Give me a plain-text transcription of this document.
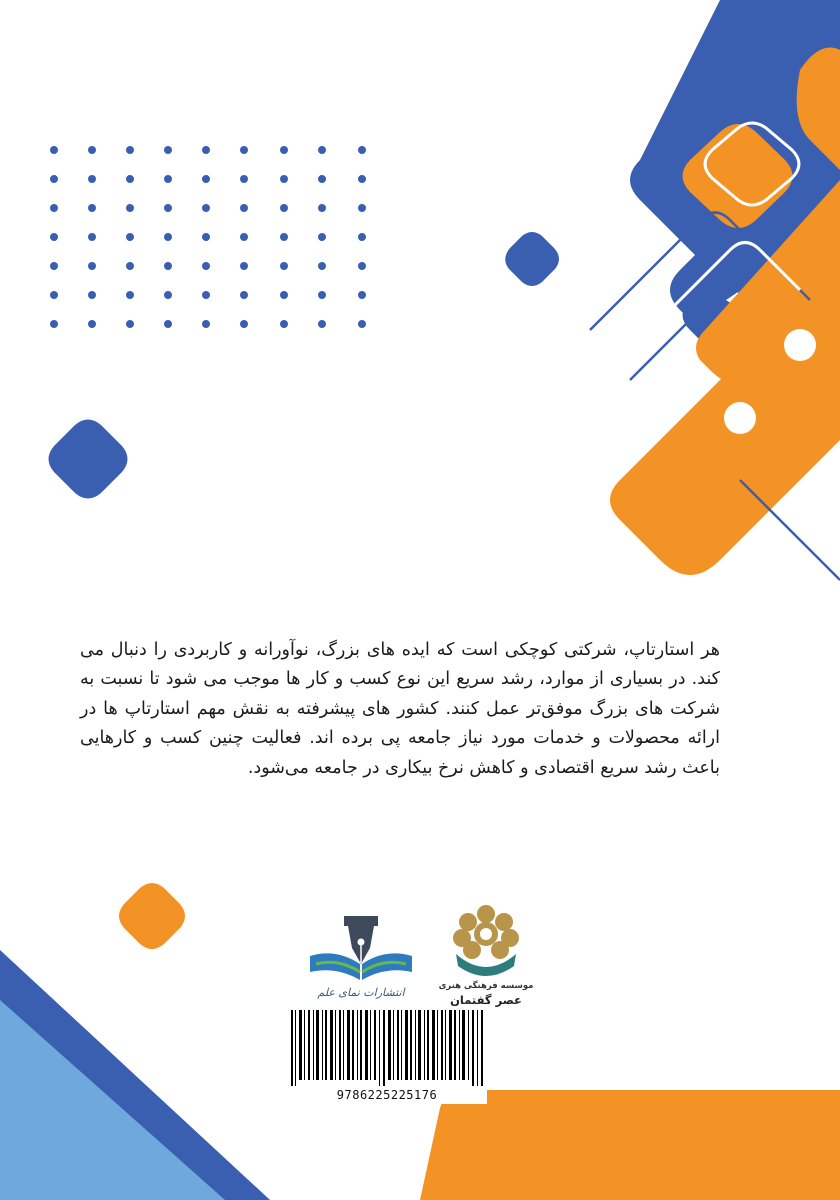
هر استارتاپ، شرکتی کوچکی است که ایده های بزرگ، نوآورانه و کاربردی را دنبال می کند. در بسیاری از موارد، رشد سریع این نوع کسب و کار ها موجب می شود تا نسبت به شرکت های بزرگ موفق‌تر عمل کنند. کشور های پیشرفته به نقش مهم استارتاپ ها در ارائه محصولات و خدمات مورد نیاز جامعه پی برده اند. فعالیت چنین کسب و کارهایی باعث رشد سریع اقتصادی و کاهش نرخ بیکاری در جامعه می‌شود.

انتشارات نمای علم	موسسه فرهنگی هنری
عصر گفتمان
9786225225176
